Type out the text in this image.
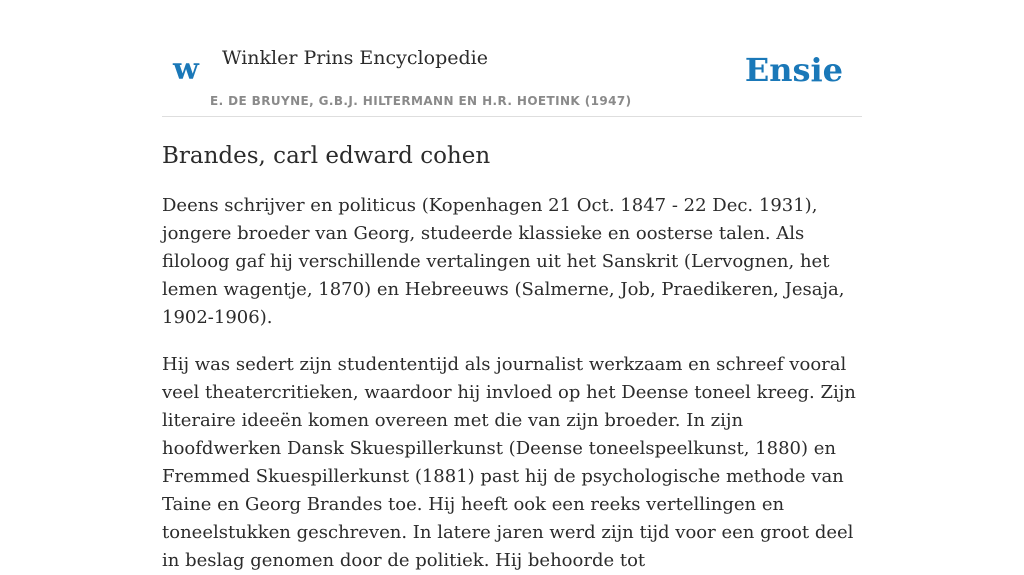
w Winkler Prins Encyclopedie
E. DE BRUYNE, G.B.J. HILTERMANN EN H.R. HOETINK (1947)
Ensie
Brandes, carl edward cohen

Deens schrijver en politicus (Kopenhagen 21 Oct. 1847 - 22 Dec. 1931), jongere broeder van Georg, studeerde klassieke en oosterse talen. Als filoloog gaf hij verschillende vertalingen uit het Sanskrit (Lervognen, het lemen wagentje, 1870) en Hebreeuws (Salmerne, Job, Praedikeren, Jesaja, 1902-1906).

Hij was sedert zijn studententijd als journalist werkzaam en schreef vooral veel theatercritieken, waardoor hij invloed op het Deense toneel kreeg. Zijn literaire ideeën komen overeen met die van zijn broeder. In zijn hoofdwerken Dansk Skuespillerkunst (Deense toneelspeelkunst, 1880) en Fremmed Skuespillerkunst (1881) past hij de psychologische methode van Taine en Georg Brandes toe. Hij heeft ook een reeks vertellingen en toneelstukken geschreven. In latere jaren werd zijn tijd voor een groot deel in beslag genomen door de politiek. Hij behoorde tot
